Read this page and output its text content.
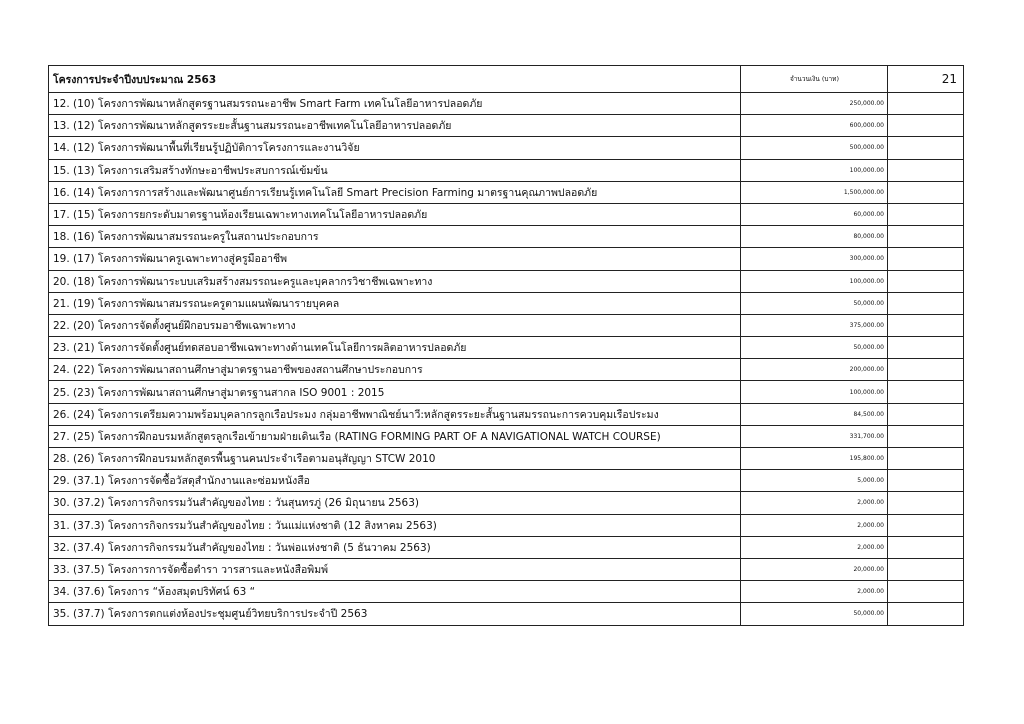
โครงการประจำปีงบประมาณ 2563	จำนวนเงิน (บาท)	21
12. (10) โครงการพัฒนาหลักสูตรฐานสมรรถนะอาชีพ Smart Farm เทคโนโลยีอาหารปลอดภัย	250,000.00	
13. (12) โครงการพัฒนาหลักสูตรระยะสั้นฐานสมรรถนะอาชีพเทคโนโลยีอาหารปลอดภัย	600,000.00	
14. (12) โครงการพัฒนาพื้นที่เรียนรู้ปฏิบัติการโครงการและงานวิจัย	500,000.00	
15. (13) โครงการเสริมสร้างทักษะอาชีพประสบการณ์เข้มข้น	100,000.00	
16. (14) โครงการการสร้างและพัฒนาศูนย์การเรียนรู้เทคโนโลยี Smart Precision Farming มาตรฐานคุณภาพปลอดภัย	1,500,000.00	
17. (15) โครงการยกระดับมาตรฐานห้องเรียนเฉพาะทางเทคโนโลยีอาหารปลอดภัย	60,000.00	
18. (16) โครงการพัฒนาสมรรถนะครูในสถานประกอบการ	80,000.00	
19. (17) โครงการพัฒนาครูเฉพาะทางสู่ครูมืออาชีพ	300,000.00	
20. (18) โครงการพัฒนาระบบเสริมสร้างสมรรถนะครูและบุคลากรวิชาชีพเฉพาะทาง	100,000.00	
21. (19) โครงการพัฒนาสมรรถนะครูตามแผนพัฒนารายบุคคล	50,000.00	
22. (20) โครงการจัดตั้งศูนย์ฝึกอบรมอาชีพเฉพาะทาง	375,000.00	
23. (21) โครงการจัดตั้งศูนย์ทดสอบอาชีพเฉพาะทางด้านเทคโนโลยีการผลิตอาหารปลอดภัย	50,000.00	
24. (22) โครงการพัฒนาสถานศึกษาสู่มาตรฐานอาชีพของสถานศึกษาประกอบการ	200,000.00	
25. (23) โครงการพัฒนาสถานศึกษาสู่มาตรฐานสากล ISO 9001 : 2015	100,000.00	
26. (24) โครงการเตรียมความพร้อมบุคลากรลูกเรือประมง กลุ่มอาชีพพาณิชย์นาวี:หลักสูตรระยะสั้นฐานสมรรถนะการควบคุมเรือประมง	84,500.00	
27. (25) โครงการฝึกอบรมหลักสูตรลูกเรือเข้ายามฝ่ายเดินเรือ (RATING FORMING PART OF A NAVIGATIONAL WATCH COURSE)	331,700.00	
28. (26) โครงการฝึกอบรมหลักสูตรพื้นฐานคนประจำเรือตามอนุสัญญา STCW 2010	195,800.00	
29. (37.1) โครงการจัดซื้อวัสดุสำนักงานและซ่อมหนังสือ	5,000.00	
30. (37.2) โครงการกิจกรรมวันสำคัญของไทย : วันสุนทรภู่ (26 มิถุนายน 2563)	2,000.00	
31. (37.3) โครงการกิจกรรมวันสำคัญของไทย : วันแม่แห่งชาติ (12 สิงหาคม 2563)	2,000.00	
32. (37.4) โครงการกิจกรรมวันสำคัญของไทย : วันพ่อแห่งชาติ (5 ธันวาคม 2563)	2,000.00	
33. (37.5) โครงการการจัดซื้อตำรา วารสารและหนังสือพิมพ์	20,000.00	
34. (37.6) โครงการ “ห้องสมุดปริทัศน์ 63 “	2,000.00	
35. (37.7) โครงการตกแต่งห้องประชุมศูนย์วิทยบริการประจำปี 2563	50,000.00	
